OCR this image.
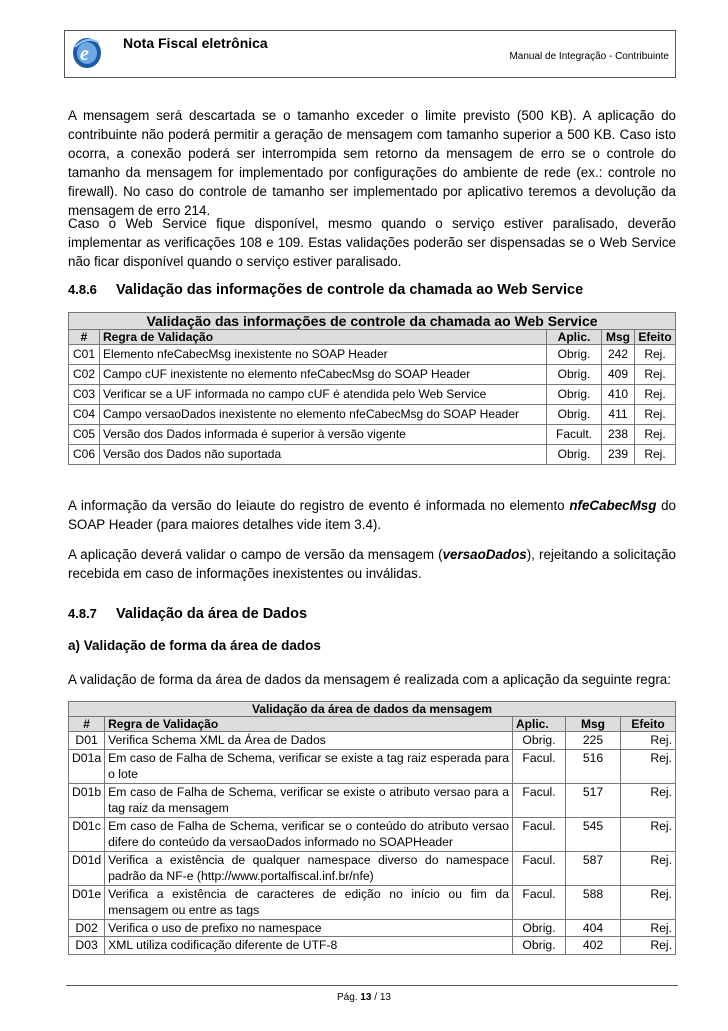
e Nota Fiscal eletrônica
Manual de Integração - Contribuinte
A mensagem será descartada se o tamanho exceder o limite previsto (500 KB). A aplicação do contribuinte não poderá permitir a geração de mensagem com tamanho superior a 500 KB. Caso isto ocorra, a conexão poderá ser interrompida sem retorno da mensagem de erro se o controle do tamanho da mensagem for implementado por configurações do ambiente de rede (ex.: controle no firewall). No caso do controle de tamanho ser implementado por aplicativo teremos a devolução da mensagem de erro 214.
Caso o Web Service fique disponível, mesmo quando o serviço estiver paralisado, deverão implementar as verificações 108 e 109. Estas validações poderão ser dispensadas se o Web Service não ficar disponível quando o serviço estiver paralisado.
4.8.6 Validação das informações de controle da chamada ao Web Service
Validação das informações de controle da chamada ao Web Service				
#	Regra de Validação	Aplic.	Msg	Efeito
C01	Elemento nfeCabecMsg inexistente no SOAP Header	Obrig.	242	Rej.
C02	Campo cUF inexistente no elemento nfeCabecMsg do SOAP Header	Obrig.	409	Rej.
C03	Verificar se a UF informada no campo cUF é atendida pelo Web Service	Obrig.	410	Rej.
C04	Campo versaoDados inexistente no elemento nfeCabecMsg do SOAP Header	Obrig.	411	Rej.
C05	Versão dos Dados informada é superior à versão vigente	Facult.	238	Rej.
C06	Versão dos Dados não suportada	Obrig.	239	Rej.
A informação da versão do leiaute do registro de evento é informada no elemento nfeCabecMsg do SOAP Header (para maiores detalhes vide item 3.4).
A aplicação deverá validar o campo de versão da mensagem (versaoDados), rejeitando a solicitação recebida em caso de informações inexistentes ou inválidas.
4.8.7 Validação da área de Dados
a) Validação de forma da área de dados
A validação de forma da área de dados da mensagem é realizada com a aplicação da seguinte regra:
Validação da área de dados da mensagem				
#	Regra de Validação	Aplic.	Msg	Efeito
D01	Verifica Schema XML da Área de Dados	Obrig.	225	Rej.
D01a	Em caso de Falha de Schema, verificar se existe a tag raiz esperada para o lote	Facul.	516	Rej.
D01b	Em caso de Falha de Schema, verificar se existe o atributo versao para a tag raiz da mensagem	Facul.	517	Rej.
D01c	Em caso de Falha de Schema, verificar se o conteúdo do atributo versao difere do conteúdo da versaoDados informado no SOAPHeader	Facul.	545	Rej.
D01d	Verifica a existência de qualquer namespace diverso do namespace padrão da NF-e (http://www.portalfiscal.inf.br/nfe)	Facul.	587	Rej.
D01e	Verifica a existência de caracteres de edição no início ou fim da mensagem ou entre as tags	Facul.	588	Rej.
D02	Verifica o uso de prefixo no namespace	Obrig.	404	Rej.
D03	XML utiliza codificação diferente de UTF-8	Obrig.	402	Rej.
Pág. 13 / 13
